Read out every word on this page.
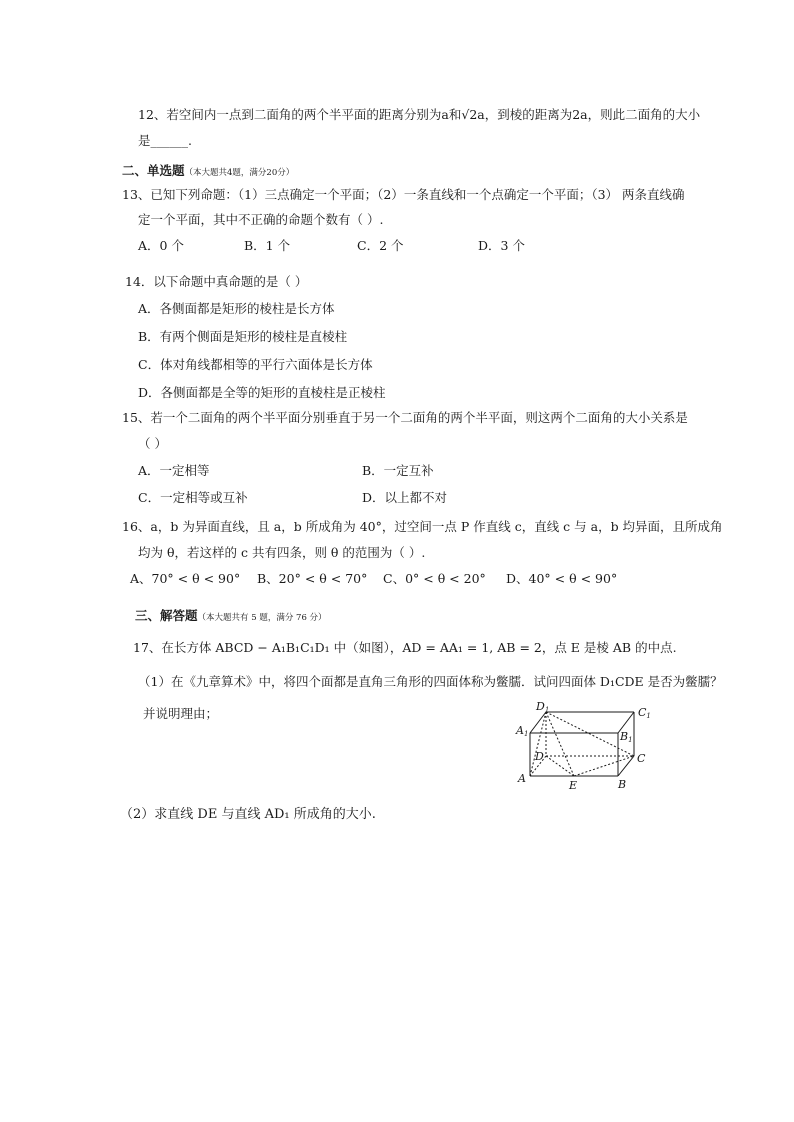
12、若空间内一点到二面角的两个半平面的距离分别为a和√2a，到棱的距离为2a，则此二面角的大小
是______.
二、单选题（本大题共4题，满分20分）
13、已知下列命题：（1）三点确定一个平面；（2）一条直线和一个点确定一个平面；（3） 两条直线确
定一个平面，其中不正确的命题个数有（ ）.
A．0 个	B．1 个	C．2 个	D．3 个
14．以下命题中真命题的是（ ）
A．各侧面都是矩形的棱柱是长方体
B．有两个侧面是矩形的棱柱是直棱柱
C．体对角线都相等的平行六面体是长方体
D．各侧面都是全等的矩形的直棱柱是正棱柱
15、若一个二面角的两个半平面分别垂直于另一个二面角的两个半平面，则这两个二面角的大小关系是
（ ）
A．一定相等	B．一定互补
C．一定相等或互补	D．以上都不对
16、a，b 为异面直线，且 a，b 所成角为 40°，过空间一点 P 作直线 c，直线 c 与 a，b 均异面，且所成角
均为 θ，若这样的 c 共有四条，则 θ 的范围为（ ）.
A、70° < θ < 90° B、20° < θ < 70° C、0° < θ < 20° D、40° < θ < 90°
三、解答题（本大题共有 5 题，满分 76 分）
17、在长方体 ABCD − A₁B₁C₁D₁ 中（如图），AD = AA₁ = 1, AB = 2，点 E 是棱 AB 的中点.
（1）在《九章算术》中，将四个面都是直角三角形的四面体称为鳖臑．试问四面体 D₁CDE 是否为鳖臑？
并说明理由；	D1	C1
A1	B1
D	C
A
E	B
（2）求直线 DE 与直线 AD₁ 所成角的大小.
